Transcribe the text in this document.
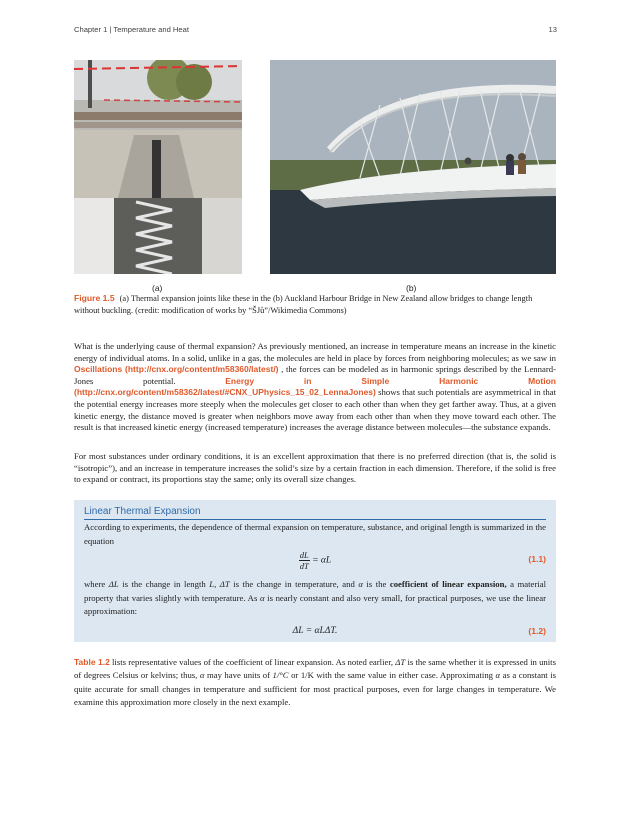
Chapter 1 | Temperature and Heat	13
(a)	(b)
Figure 1.5 (a) Thermal expansion joints like these in the (b) Auckland Harbour Bridge in New Zealand allow bridges to change length without buckling. (credit: modification of works by “ŠJů”/Wikimedia Commons)
What is the underlying cause of thermal expansion? As previously mentioned, an increase in temperature means an increase in the kinetic energy of individual atoms. In a solid, unlike in a gas, the molecules are held in place by forces from neighboring molecules; as we saw in Oscillations (http://cnx.org/content/m58360/latest/) , the forces can be modeled as in harmonic springs described by the Lennard-Jones potential. Energy in Simple Harmonic Motion (http://cnx.org/content/m58362/latest/#CNX_UPhysics_15_02_LennaJones) shows that such potentials are asymmetrical in that the potential energy increases more steeply when the molecules get closer to each other than when they get farther away. Thus, at a given kinetic energy, the distance moved is greater when neighbors move away from each other than when they move toward each other. The result is that increased kinetic energy (increased temperature) increases the average distance between molecules—the substance expands.
For most substances under ordinary conditions, it is an excellent approximation that there is no preferred direction (that is, the solid is “isotropic”), and an increase in temperature increases the solid’s size by a certain fraction in each dimension. Therefore, if the solid is free to expand or contract, its proportions stay the same; only its overall size changes.
Linear Thermal Expansion
According to experiments, the dependence of thermal expansion on temperature, substance, and original length is summarized in the equation
$\frac{dL}{dT} = \alpha L$	(1.1)
where ΔL is the change in length L, ΔT is the change in temperature, and α is the coefficient of linear expansion, a material property that varies slightly with temperature. As α is nearly constant and also very small, for practical purposes, we use the linear approximation:
ΔL = αLΔT.	(1.2)
Table 1.2 lists representative values of the coefficient of linear expansion. As noted earlier, ΔT is the same whether it is expressed in units of degrees Celsius or kelvins; thus, α may have units of 1/°C or 1/K with the same value in either case. Approximating α as a constant is quite accurate for small changes in temperature and sufficient for most practical purposes, even for large changes in temperature. We examine this approximation more closely in the next example.
